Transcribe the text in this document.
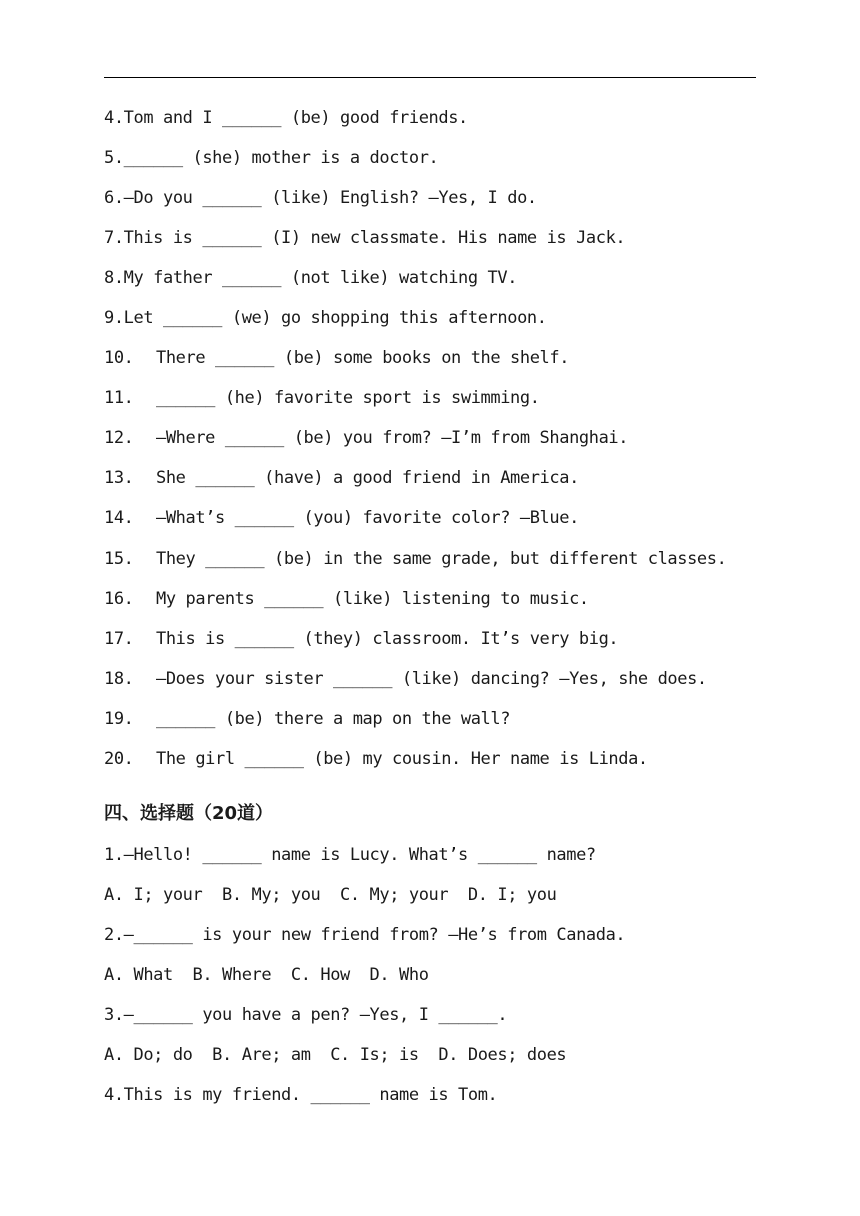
4.Tom and I ______ (be) good friends.
5.______ (she) mother is a doctor.
6.—Do you ______ (like) English? —Yes, I do.
7.This is ______ (I) new classmate. His name is Jack.
8.My father ______ (not like) watching TV.
9.Let ______ (we) go shopping this afternoon.
10. There ______ (be) some books on the shelf.
11. ______ (he) favorite sport is swimming.
12. —Where ______ (be) you from? —I’m from Shanghai.
13. She ______ (have) a good friend in America.
14. —What’s ______ (you) favorite color? —Blue.
15. They ______ (be) in the same grade, but different classes.
16. My parents ______ (like) listening to music.
17. This is ______ (they) classroom. It’s very big.
18. —Does your sister ______ (like) dancing? —Yes, she does.
19. ______ (be) there a map on the wall?
20. The girl ______ (be) my cousin. Her name is Linda.
四、选择题（20道）
1.—Hello! ______ name is Lucy. What’s ______ name?
A. I; your  B. My; you  C. My; your  D. I; you
2.—______ is your new friend from? —He’s from Canada.
A. What  B. Where  C. How  D. Who
3.—______ you have a pen? —Yes, I ______.
A. Do; do  B. Are; am  C. Is; is  D. Does; does
4.This is my friend. ______ name is Tom.
